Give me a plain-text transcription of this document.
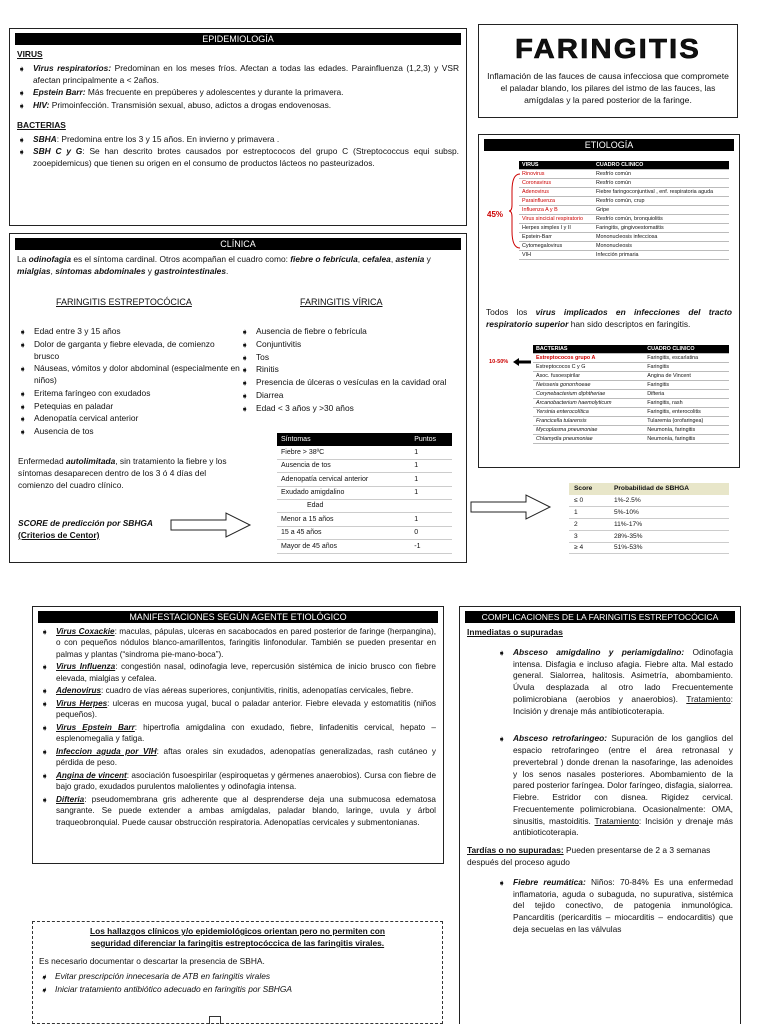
EPIDEMIOLOGÍA
VIRUS
➧ Virus respiratorios: Predominan en los meses fríos. Afectan a todas las edades. Parainfluenza (1,2,3) y VSR afectan principalmente a < 2años.
➧ Epstein Barr: Más frecuente en prepúberes y adolescentes y durante la primavera.
➧ HIV: Primoinfección. Transmisión sexual, abuso, adictos a drogas endovenosas.
BACTERIAS
➧ SBHA: Predomina entre los 3 y 15 años. En invierno y primavera .
➧ SBH C y G: Se han descrito brotes causados por estreptococos del grupo C (Streptococcus equi subsp. zooepidemicus) que tienen su origen en el consumo de productos lácteos no pasteurizados.
FARINGITIS
Inflamación de las fauces de causa infecciosa que compromete el paladar blando, los pilares del istmo de las fauces, las amígdalas y la pared posterior de la faringe.
CLÍNICA
La odinofagia es el síntoma cardinal. Otros acompañan el cuadro como: fiebre o febrícula, cefalea, astenia y mialgias, síntomas abdominales y gastrointestinales.
FARINGITIS ESTREPTOCÓCICA	FARINGITIS VÍRICA
➧ Edad entre 3 y 15 años
➧ Dolor de garganta y fiebre elevada, de comienzo brusco
➧ Náuseas, vómitos y dolor abdominal (especialmente en niños)
➧ Eritema faríngeo con exudados
➧ Petequias en paladar
➧ Adenopatía cervical anterior
➧ Ausencia de tos
➧ Ausencia de fiebre o febrícula
➧ Conjuntivitis
➧ Tos
➧ Rinitis
➧ Presencia de úlceras o vesículas en la cavidad oral
➧ Diarrea
➧ Edad < 3 años y >30 años
Enfermedad autolimitada, sin tratamiento la fiebre y los síntomas desaparecen dentro de los 3 ó 4 días del comienzo del cuadro clínico.
SCORE de predicción por SBHGA
(Criterios de Centor)
Síntomas	Puntos
Fiebre > 38ºC	1
Ausencia de tos	1
Adenopatía cervical anterior	1
Exudado amigdalino	1
Edad	
Menor a 15 años	1
15 a 45 años	0
Mayor de 45 años	-1
Score	Probabilidad de SBHGA
≤ 0	1%-2.5%
1	5%-10%
2	11%-17%
3	28%-35%
≥ 4	51%-53%
ETIOLOGÍA
45%
VIRUS	CUADRO CLINICO
Rinovirus	Resfrío común
Coronavirus	Resfrío común
Adenovirus	Fiebre faringoconjuntival , enf. respiratoria aguda
Parainfluenza	Resfrío común, crup
Influenza A y B	Gripe
Virus sincicial respiratorio	Resfrío común, bronquiolitis
Herpes simples I y II	Faringitis, gingivoestomatitis
Epstein-Barr	Mononucleosis infecciosa
Cytomegalovirus	Mononucleosis
VIH	Infección primaria
Todos los virus implicados en infecciones del tracto respiratorio superior han sido descriptos en faringitis.
10-50%
BACTERIAS	CUADRO CLINICO
Estreptococos grupo A	Faringitis, escarlatina
Estreptococos C y G	Faringitis
Asoc. fusoespirilar	Angina de Vincent
Neisseria gonorrhoeae	Faringitis
Corynebacterium diphtheriae	Difteria
Arcanobacterium haemolyticum	Faringitis, rash
Yersinia enterocolítica	Faringitis, enterocolitis
Francicella tularensis	Tularemia (orofaringea)
Mycoplasma pneumoniae	Neumonía, faringitis
Chlamydia pneumoniae	Neumonía, faringitis
MANIFESTACIONES SEGÚN AGENTE ETIOLÓGICO
➧ Virus Coxackie: maculas, pápulas, ulceras en sacabocados en pared posterior de faringe (herpangina), o con pequeños nódulos blanco-amarillentos, faringitis linfonodular. También se pueden presentar en palmas y plantas (“sindroma pie-mano-boca”).
➧ Virus Influenza: congestión nasal, odinofagia leve, repercusión sistémica de inicio brusco con fiebre elevada, mialgias y cefalea.
➧ Adenovirus: cuadro de vías aéreas superiores, conjuntivitis, rinitis, adenopatías cervicales, fiebre.
➧ Virus Herpes: ulceras en mucosa yugal, bucal o paladar anterior. Fiebre elevada y estomatitis (niños pequeños).
➧ Virus Epstein Barr: hipertrofia amigdalina con exudado, fiebre, linfadenitis cervical, hepato – esplenomegalia y fatiga.
➧ Infeccion aguda por VIH: aftas orales sin exudados, adenopatías generalizadas, rash cutáneo y pérdida de peso.
➧ Angina de vincent: asociación fusoespirilar (espiroquetas y gérmenes anaerobios). Cursa con fiebre de bajo grado, exudados purulentos malolientes y odinofagia intensa.
➧ Difteria: pseudomembrana gris adherente que al desprenderse deja una submucosa edematosa sangrante. Se puede extender a ambas amígdalas, paladar blando, laringe, uvula y árbol traqueobronquial. Puede causar obstrucción respiratoria. Adenopatías cervicales y submentonianas.
Los hallazgos clínicos y/o epidemiológicos orientan pero no permiten con seguridad diferenciar la faringitis estreptocóccica de las faringitis virales.
Es necesario documentar o descartar la presencia de SBHA.
➧ Evitar prescripción innecesaria de ATB en faringitis virales
➧ Iniciar tratamiento antibiótico adecuado en faringitis por SBHGA
COMPLICACIONES DE LA FARINGITIS ESTREPTOCÓCICA
Inmediatas o supuradas
➧ Absceso amigdalino y periamigdalino: Odinofagia intensa. Disfagia e incluso afagia. Fiebre alta. Mal estado general. Sialorrea, halitosis. Asimetría, abombamiento. Úvula desplazada al otro lado Frecuentemente polimicrobiana (aerobios y anaerobios). Tratamiento: Incisión y drenaje más antibioticoterapia.
➧ Absceso retrofaringeo: Supuración de los ganglios del espacio retrofaringeo (entre el área retronasal y prevertebral ) donde drenan la nasofaringe, las adenoides y los senos nasales posteriores. Abombamiento de la pared posterior faríngea. Dolor faríngeo, disfagia, sialorrea. Fiebre. Estridor con disnea. Rigidez cervical. Frecuentemente polimicrobiana. Ocasionalmente: OMA, sinusitis, mastoiditis. Tratamiento: Incisión y drenaje más antibioticoterapia.
Tardías o no supuradas: Pueden presentarse de 2 a 3 semanas después del proceso agudo
➧ Fiebre reumática: Niños: 70-84% Es una enfermedad inflamatoria, aguda o subaguda, no supurativa, sistémica del tejido conectivo, de patogenia inmunológica. Pancarditis (pericarditis – miocarditis – endocarditis) que deja secuelas en las válvulas
